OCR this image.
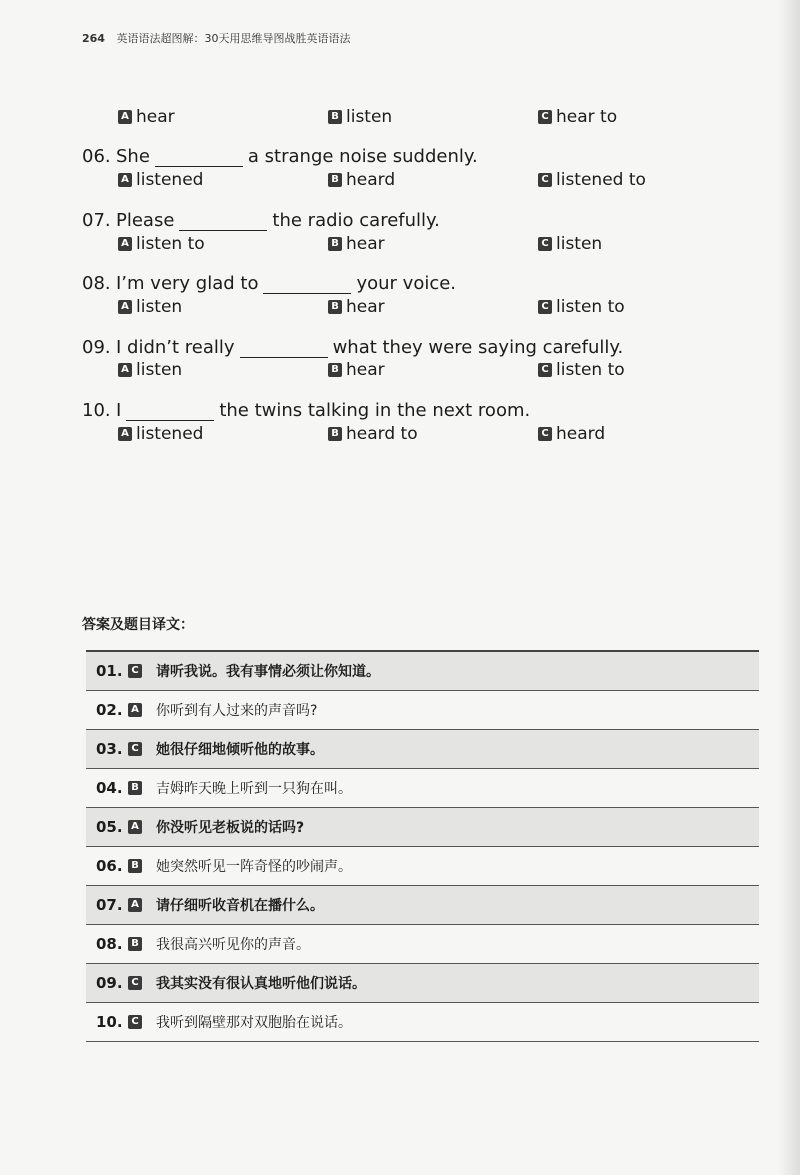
264 英语语法超图解：30天用思维导图战胜英语语法
A hear	B listen	C hear to
06. She	a strange noise suddenly.
A listened	B heard	C listened to
07. Please	the radio carefully.
A listen to	B hear	C listen
08. I’m very glad to	your voice.
A listen	B hear	C listen to
09. I didn’t really	what they were saying carefully.
A listen	B hear	C listen to
10. I	the twins talking in the next room.
A listened	B heard to	C heard
答案及题目译文：
01. C 请听我说。我有事情必须让你知道。
02. A 你听到有人过来的声音吗?
03. C 她很仔细地倾听他的故事。
04. B 吉姆昨天晚上听到一只狗在叫。
05. A 你没听见老板说的话吗?
06. B 她突然听见一阵奇怪的吵闹声。
07. A 请仔细听收音机在播什么。
08. B 我很高兴听见你的声音。
09. C 我其实没有很认真地听他们说话。
10. C 我听到隔壁那对双胞胎在说话。
